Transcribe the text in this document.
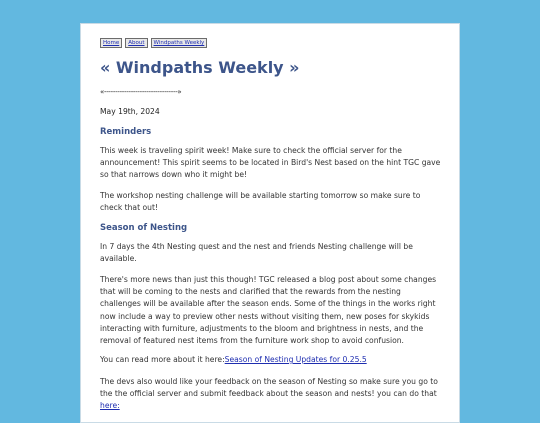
Home	About	Windpaths Weekly
« Windpaths Weekly »
«---------------------------------»
May 19th, 2024
Reminders

This week is traveling spirit week! Make sure to check the official server for the announcement! This spirit seems to be located in Bird's Nest based on the hint TGC gave so that narrows down who it might be!

The workshop nesting challenge will be available starting tomorrow so make sure to check that out!

Season of Nesting

In 7 days the 4th Nesting quest and the nest and friends Nesting challenge will be available.

There's more news than just this though! TGC released a blog post about some changes that will be coming to the nests and clarified that the rewards from the nesting challenges will be available after the season ends. Some of the things in the works right now include a way to preview other nests without visiting them, new poses for skykids interacting with furniture, adjustments to the bloom and brightness in nests, and the removal of featured nest items from the furniture work shop to avoid confusion.

You can read more about it here:Season of Nesting Updates for 0.25.5

The devs also would like your feedback on the season of Nesting so make sure you go to the the official server and submit feedback about the season and nests! you can do that here:
